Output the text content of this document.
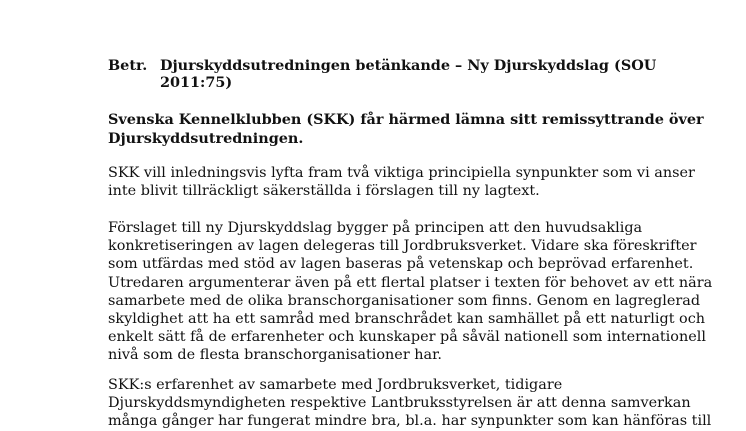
Betr. Djurskyddsutredningen betänkande – Ny Djurskyddslag (SOU
2011:75)
Svenska Kennelklubben (SKK) får härmed lämna sitt remissyttrande över
Djurskyddsutredningen.
SKK vill inledningsvis lyfta fram två viktiga principiella synpunkter som vi anser
inte blivit tillräckligt säkerställda i förslagen till ny lagtext.
Förslaget till ny Djurskyddslag bygger på principen att den huvudsakliga
konkretiseringen av lagen delegeras till Jordbruksverket. Vidare ska föreskrifter
som utfärdas med stöd av lagen baseras på vetenskap och beprövad erfarenhet.
Utredaren argumenterar även på ett flertal platser i texten för behovet av ett nära
samarbete med de olika branschorganisationer som finns. Genom en lagreglerad
skyldighet att ha ett samråd med branschrådet kan samhället på ett naturligt och
enkelt sätt få de erfarenheter och kunskaper på såväl nationell som internationell
nivå som de flesta branschorganisationer har.
SKK:s erfarenhet av samarbete med Jordbruksverket, tidigare
Djurskyddsmyndigheten respektive Lantbruksstyrelsen är att denna samverkan
många gånger har fungerat mindre bra, bl.a. har synpunkter som kan hänföras till
